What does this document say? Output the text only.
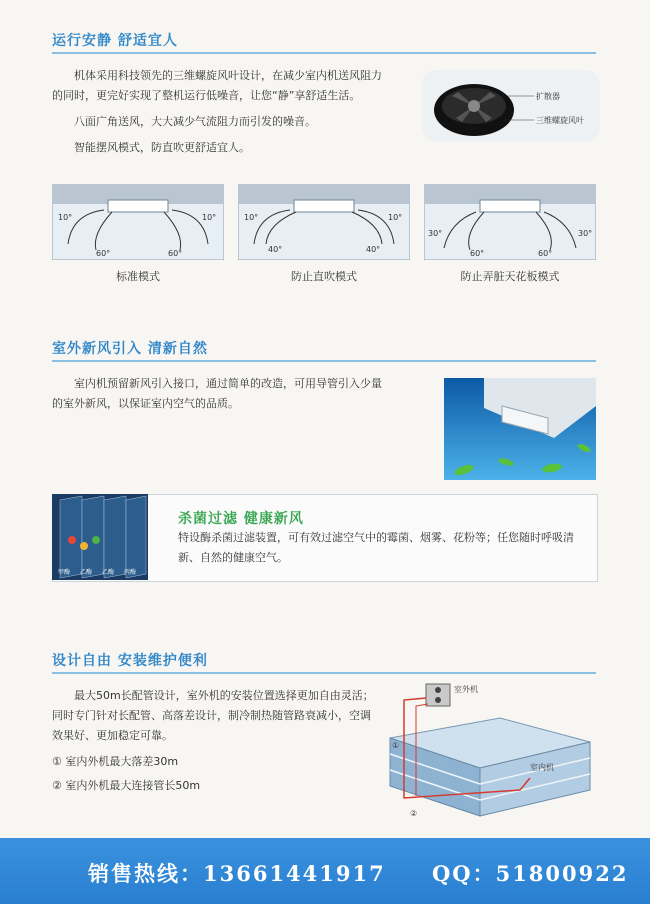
运行安静 舒适宜人

机体采用科技领先的三维螺旋风叶设计，在减少室内机送风阻力的同时，更完好实现了整机运行低噪音，让您“静”享舒适生活。

八面广角送风，大大减少气流阻力而引发的噪音。

智能摆风模式，防直吹更舒适宜人。

扩散器
三维螺旋风叶
10°	10°
60°	60°
标准模式
10°	10°
40°	40°
防止直吹模式
30°	30°
60°	60°
防止弄脏天花板模式
室外新风引入 清新自然
室内机预留新风引入接口，通过简单的改造，可用导管引入少量的室外新风，以保证室内空气的品质。
甲酶 乙酶 乙酶 丙酶
杀菌过滤 健康新风
特设酶杀菌过滤装置，可有效过滤空气中的霉菌、烟雾、花粉等；任您随时呼吸清新、自然的健康空气。
设计自由 安装维护便利
最大50m长配管设计，室外机的安装位置选择更加自由灵活；同时专门针对长配管、高落差设计，制冷制热随管路衰减小，空调效果好、更加稳定可靠。
① 室内外机最大落差30m
② 室内外机最大连接管长50m
室外机
室内机
①
②
销售热线：13661441917 QQ：51800922
